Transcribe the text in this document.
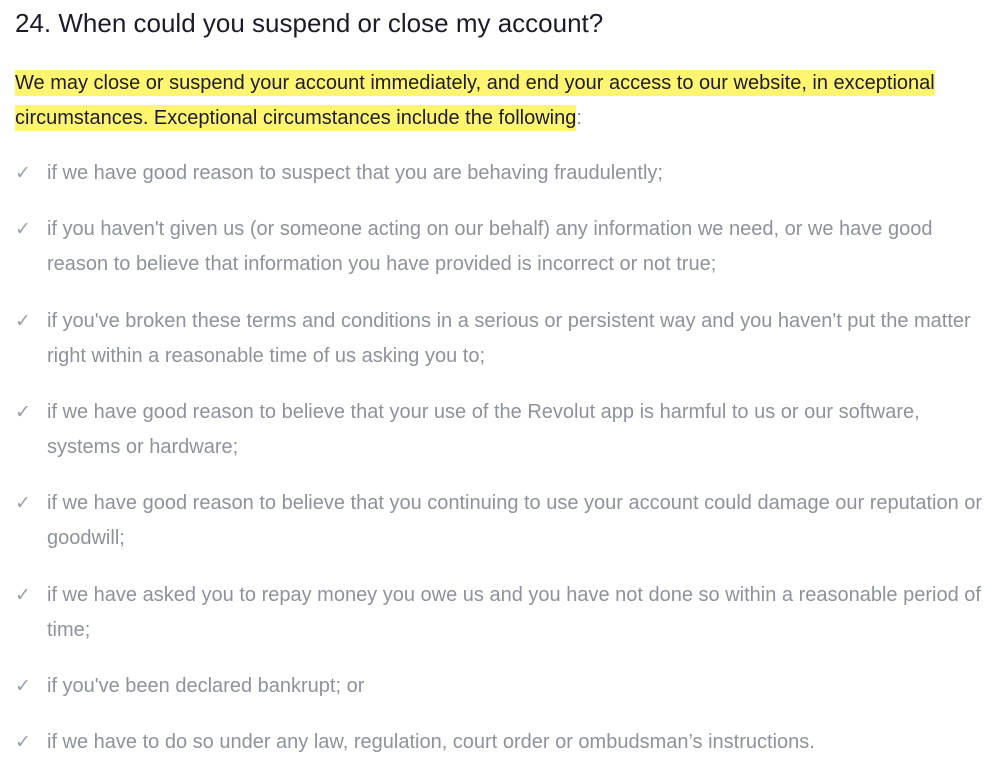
24. When could you suspend or close my account?

We may close or suspend your account immediately, and end your access to our website, in exceptional circumstances. Exceptional circumstances include the following:

✓ if we have good reason to suspect that you are behaving fraudulently;
✓ if you haven't given us (or someone acting on our behalf) any information we need, or we have good reason to believe that information you have provided is incorrect or not true;
✓ if you've broken these terms and conditions in a serious or persistent way and you haven't put the matter right within a reasonable time of us asking you to;
✓ if we have good reason to believe that your use of the Revolut app is harmful to us or our software, systems or hardware;
✓ if we have good reason to believe that you continuing to use your account could damage our reputation or goodwill;
✓ if we have asked you to repay money you owe us and you have not done so within a reasonable period of time;
✓ if you've been declared bankrupt; or
✓ if we have to do so under any law, regulation, court order or ombudsman’s instructions.
